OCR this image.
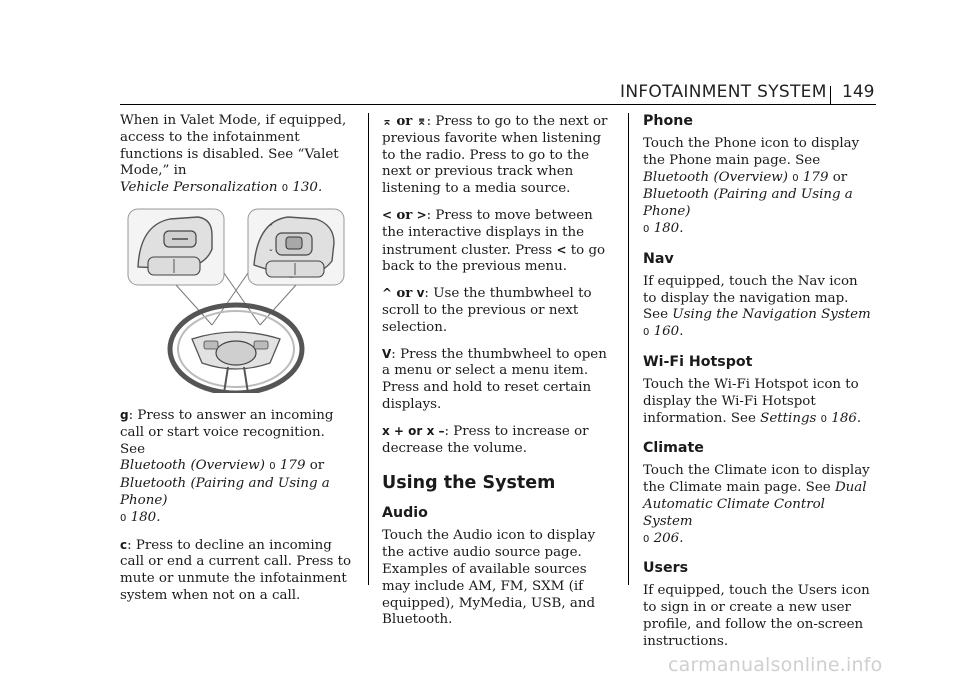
INFOTAINMENT SYSTEM 149

When in Valet Mode, if equipped, access to the infotainment functions is disabled. See “Valet Mode,” in
Vehicle Personalization 0 130.

⌃
⌄

g: Press to answer an incoming call or start voice recognition. See
Bluetooth (Overview) 0 179 or
Bluetooth (Pairing and Using a Phone)
0 180.

c: Press to decline an incoming call or end a current call. Press to mute or unmute the infotainment system when not on a call.

⌅ or ⌆: Press to go to the next or previous favorite when listening to the radio. Press to go to the next or previous track when listening to a media source.

< or >: Press to move between the interactive displays in the instrument cluster. Press < to go back to the previous menu.

^ or v: Use the thumbwheel to scroll to the previous or next selection.

V: Press the thumbwheel to open a menu or select a menu item. Press and hold to reset certain displays.

x + or x –: Press to increase or decrease the volume.

Using the System
Audio

Touch the Audio icon to display the active audio source page. Examples of available sources may include AM, FM, SXM (if equipped), MyMedia, USB, and Bluetooth.

Phone

Touch the Phone icon to display the Phone main page. See Bluetooth (Overview) 0 179 or
Bluetooth (Pairing and Using a Phone)
0 180.

Nav

If equipped, touch the Nav icon to display the navigation map. See Using the Navigation System 0 160.

Wi-Fi Hotspot

Touch the Wi-Fi Hotspot icon to display the Wi-Fi Hotspot information. See Settings 0 186.

Climate

Touch the Climate icon to display the Climate main page. See Dual Automatic Climate Control System
0 206.

Users

If equipped, touch the Users icon to sign in or create a new user profile, and follow the on-screen instructions.

carmanualsonline.info
